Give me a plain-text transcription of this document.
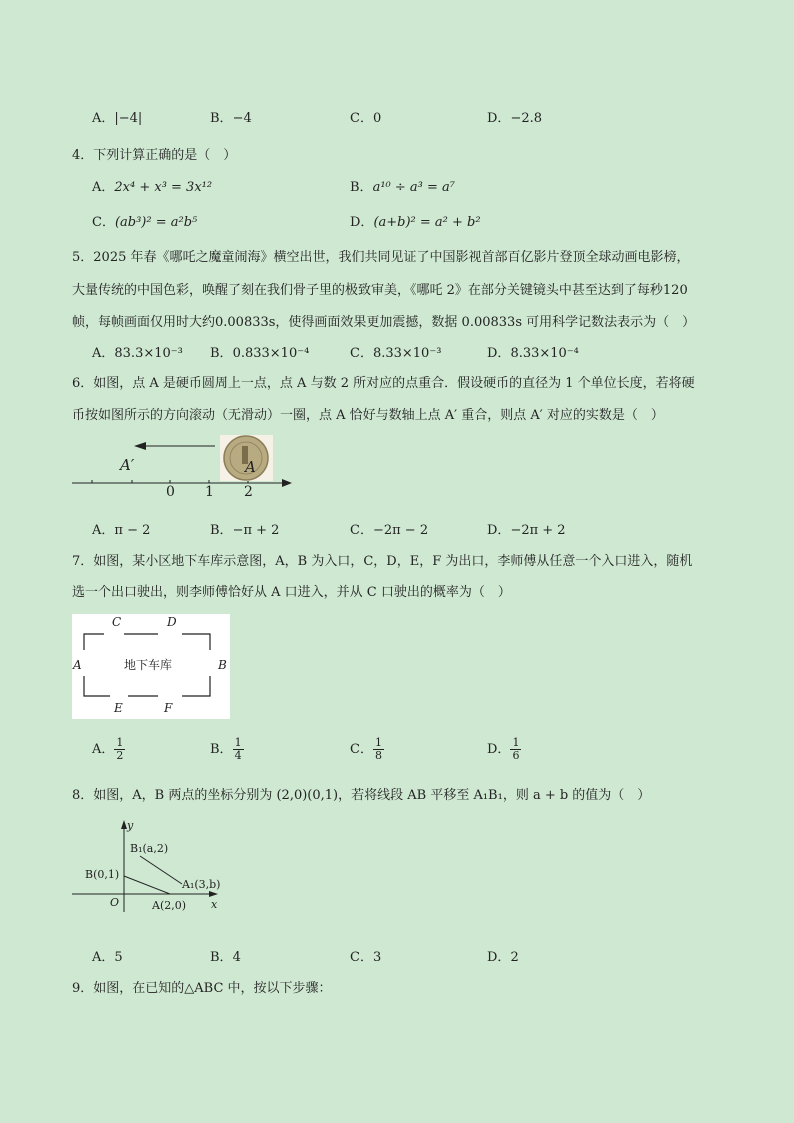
A．|−4|	B．−4	C．0	D．−2.8
4．下列计算正确的是（　）
A．2x⁴ + x³ = 3x¹²	B．a¹⁰ ÷ a³ = a⁷
C．(ab³)² = a²b⁵	D．(a+b)² = a² + b²
5．2025 年春《哪吒之魔童闹海》横空出世，我们共同见证了中国影视首部百亿影片登顶全球动画电影榜，
大量传统的中国色彩，唤醒了刻在我们骨子里的极致审美，《哪吒 2》在部分关键镜头中甚至达到了每秒120
帧，每帧画面仅用时大约0.00833s，使得画面效果更加震撼，数据 0.00833s 可用科学记数法表示为（　）
A．83.3×10⁻³ B．0.833×10⁻⁴	C．8.33×10⁻³	D．8.33×10⁻⁴
6．如图，点 A 是硬币圆周上一点，点 A 与数 2 所对应的点重合．假设硬币的直径为 1 个单位长度，若将硬
币按如图所示的方向滚动（无滑动）一圈，点 A 恰好与数轴上点 A′ 重合，则点 A′ 对应的实数是（　）
A′	A
0 1 2
A．π − 2	B．−π + 2	C．−2π − 2	D．−2π + 2
7．如图，某小区地下车库示意图，A，B 为入口，C，D，E，F 为出口，李师傅从任意一个入口进入，随机
选一个出口驶出，则李师傅恰好从 A 口进入，并从 C 口驶出的概率为（　）
地下车库
C	D
A	B
E	F
A． $\frac{1}{2}$	B． $\frac{1}{4}$	C． $\frac{1}{8}$	D． $\frac{1}{6}$
8．如图，A，B 两点的坐标分别为 (2,0)(0,1)，若将线段 AB 平移至 A₁B₁，则 a + b 的值为（　）
y
x
O
B(0,1)
A(2,0)
B₁(a,2)
A₁(3,b)
A．5	B．4	C．3	D．2
9．如图，在已知的△ABC 中，按以下步骤：
